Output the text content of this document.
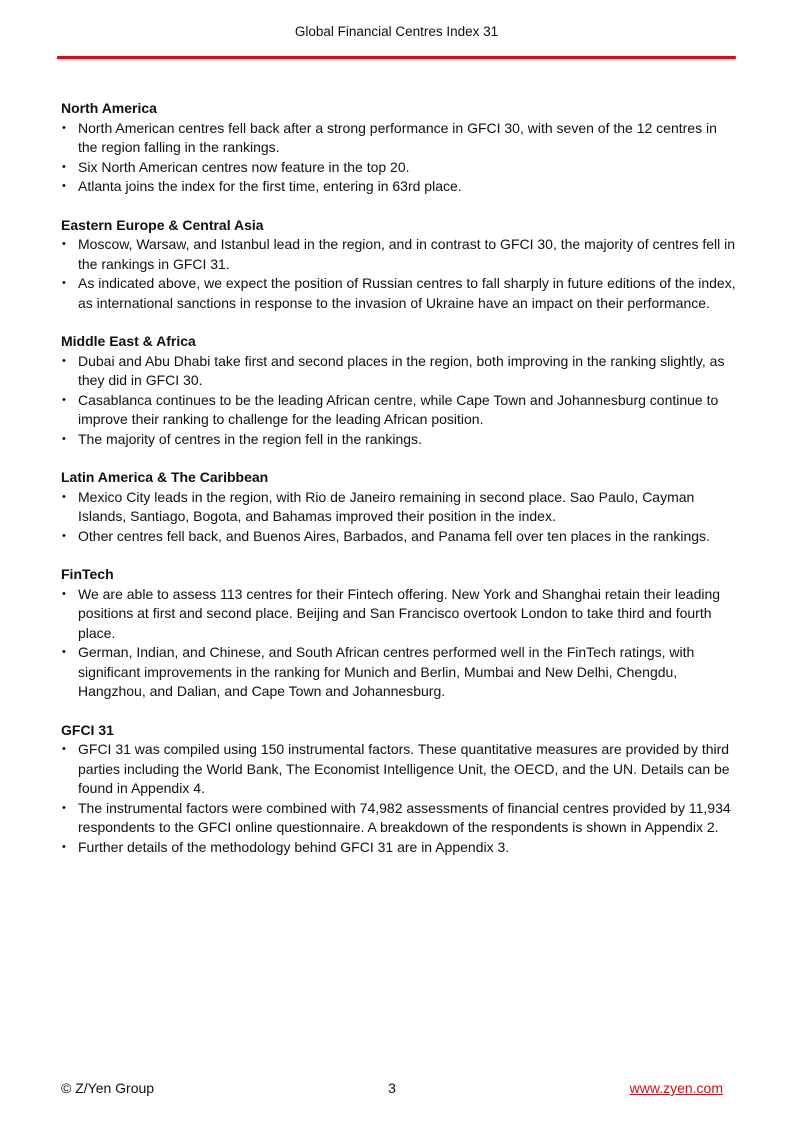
Global Financial Centres Index 31
North America
• North American centres fell back after a strong performance in GFCI 30, with seven of the 12 centres in the region falling in the rankings.
• Six North American centres now feature in the top 20.
• Atlanta joins the index for the first time, entering in 63rd place.
Eastern Europe & Central Asia
• Moscow, Warsaw, and Istanbul lead in the region, and in contrast to GFCI 30, the majority of centres fell in the rankings in GFCI 31.
• As indicated above, we expect the position of Russian centres to fall sharply in future editions of the index, as international sanctions in response to the invasion of Ukraine have an impact on their performance.
Middle East & Africa
• Dubai and Abu Dhabi take first and second places in the region, both improving in the ranking slightly, as they did in GFCI 30.
• Casablanca continues to be the leading African centre, while Cape Town and Johannesburg continue to improve their ranking to challenge for the leading African position.
• The majority of centres in the region fell in the rankings.
Latin America & The Caribbean
• Mexico City leads in the region, with Rio de Janeiro remaining in second place. Sao Paulo, Cayman Islands, Santiago, Bogota, and Bahamas improved their position in the index.
• Other centres fell back, and Buenos Aires, Barbados, and Panama fell over ten places in the rankings.
FinTech
• We are able to assess 113 centres for their Fintech offering. New York and Shanghai retain their leading positions at first and second place. Beijing and San Francisco overtook London to take third and fourth place.
• German, Indian, and Chinese, and South African centres performed well in the FinTech ratings, with significant improvements in the ranking for Munich and Berlin, Mumbai and New Delhi, Chengdu, Hangzhou, and Dalian, and Cape Town and Johannesburg.
GFCI 31
• GFCI 31 was compiled using 150 instrumental factors. These quantitative measures are provided by third parties including the World Bank, The Economist Intelligence Unit, the OECD, and the UN. Details can be found in Appendix 4.
• The instrumental factors were combined with 74,982 assessments of financial centres provided by 11,934 respondents to the GFCI online questionnaire. A breakdown of the respondents is shown in Appendix 2.
• Further details of the methodology behind GFCI 31 are in Appendix 3.
© Z/Yen Group	3	www.zyen.com
